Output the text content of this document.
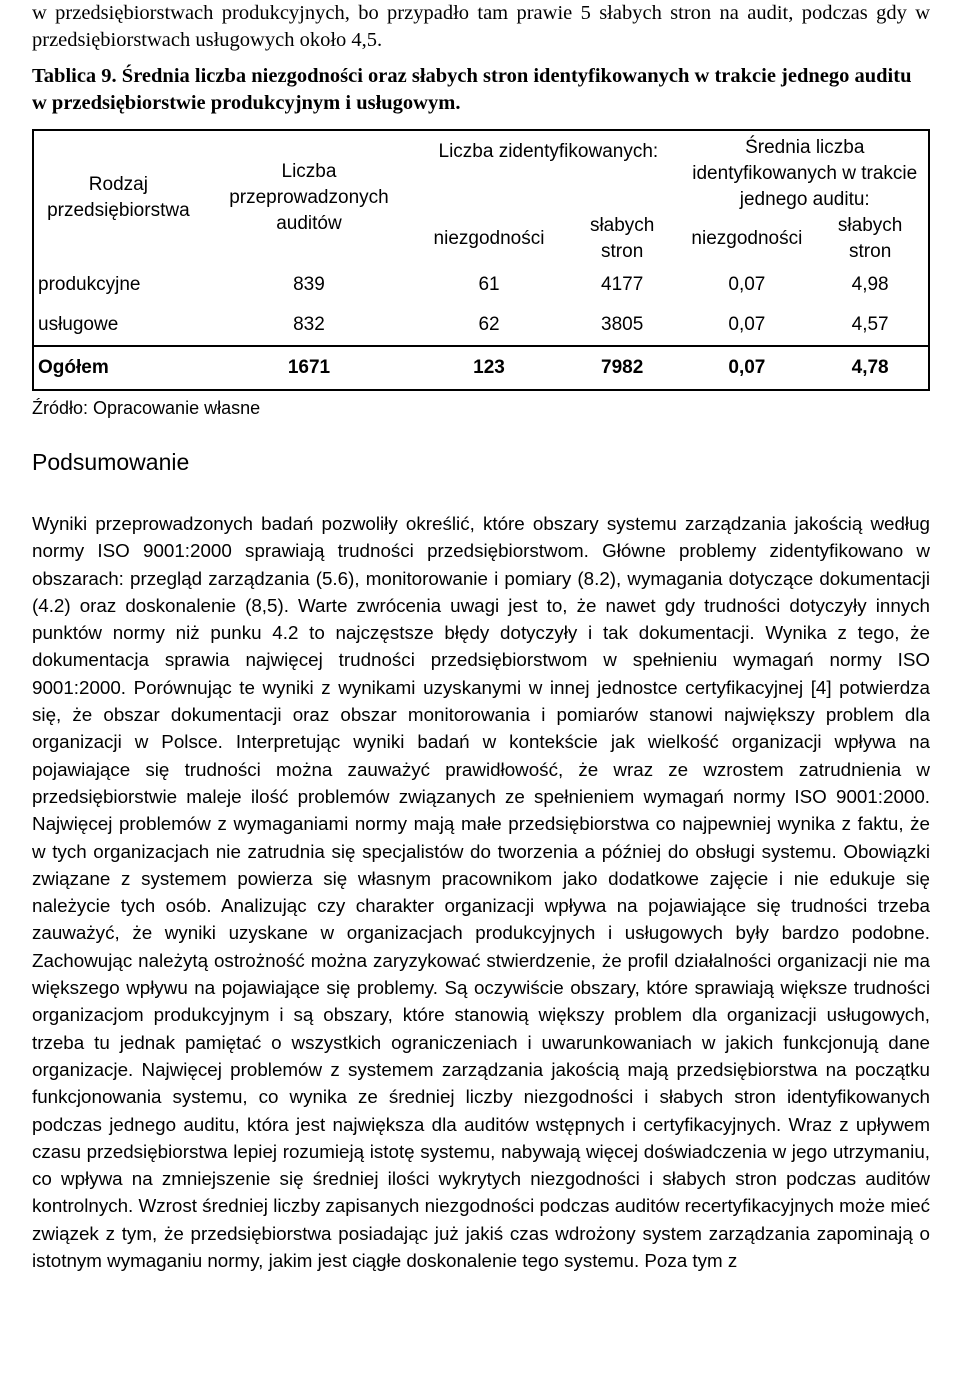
w przedsiębiorstwach produkcyjnych, bo przypadło tam prawie 5 słabych stron na audit, podczas gdy w przedsiębiorstwach usługowych około 4,5.

Tablica 9. Średnia liczba niezgodności oraz słabych stron identyfikowanych w trakcie jednego auditu w przedsiębiorstwie produkcyjnym i usługowym.

Rodzaj przedsiębiorstwa	Liczba przeprowadzonych auditów	Liczba zidentyfikowanych:		Średnia liczba identyfikowanych w trakcie jednego auditu:	
		niezgodności	słabych stron	niezgodności	słabych stron
produkcyjne	839	61	4177	0,07	4,98
usługowe	832	62	3805	0,07	4,57
Ogółem	1671	123	7982	0,07	4,78
Źródło: Opracowanie własne
Podsumowanie

Wyniki przeprowadzonych badań pozwoliły określić, które obszary systemu zarządzania jakością według normy ISO 9001:2000 sprawiają trudności przedsiębiorstwom. Główne problemy zidentyfikowano w obszarach: przegląd zarządzania (5.6), monitorowanie i pomiary (8.2), wymagania dotyczące dokumentacji (4.2) oraz doskonalenie (8,5). Warte zwrócenia uwagi jest to, że nawet gdy trudności dotyczyły innych punktów normy niż punku 4.2 to najczęstsze błędy dotyczyły i tak dokumentacji. Wynika z tego, że dokumentacja sprawia najwięcej trudności przedsiębiorstwom w spełnieniu wymagań normy ISO 9001:2000. Porównując te wyniki z wynikami uzyskanymi w innej jednostce certyfikacyjnej [4] potwierdza się, że obszar dokumentacji oraz obszar monitorowania i pomiarów stanowi największy problem dla organizacji w Polsce. Interpretując wyniki badań w kontekście jak wielkość organizacji wpływa na pojawiające się trudności można zauważyć prawidłowość, że wraz ze wzrostem zatrudnienia w przedsiębiorstwie maleje ilość problemów związanych ze spełnieniem wymagań normy ISO 9001:2000. Najwięcej problemów z wymaganiami normy mają małe przedsiębiorstwa co najpewniej wynika z faktu, że w tych organizacjach nie zatrudnia się specjalistów do tworzenia a później do obsługi systemu. Obowiązki związane z systemem powierza się własnym pracownikom jako dodatkowe zajęcie i nie edukuje się należycie tych osób. Analizując czy charakter organizacji wpływa na pojawiające się trudności trzeba zauważyć, że wyniki uzyskane w organizacjach produkcyjnych i usługowych były bardzo podobne. Zachowując należytą ostrożność można zaryzykować stwierdzenie, że profil działalności organizacji nie ma większego wpływu na pojawiające się problemy. Są oczywiście obszary, które sprawiają większe trudności organizacjom produkcyjnym i są obszary, które stanowią większy problem dla organizacji usługowych, trzeba tu jednak pamiętać o wszystkich ograniczeniach i uwarunkowaniach w jakich funkcjonują dane organizacje. Najwięcej problemów z systemem zarządzania jakością mają przedsiębiorstwa na początku funkcjonowania systemu, co wynika ze średniej liczby niezgodności i słabych stron identyfikowanych podczas jednego auditu, która jest największa dla auditów wstępnych i certyfikacyjnych. Wraz z upływem czasu przedsiębiorstwa lepiej rozumieją istotę systemu, nabywają więcej doświadczenia w jego utrzymaniu, co wpływa na zmniejszenie się średniej ilości wykrytych niezgodności i słabych stron podczas auditów kontrolnych. Wzrost średniej liczby zapisanych niezgodności podczas auditów recertyfikacyjnych może mieć związek z tym, że przedsiębiorstwa posiadając już jakiś czas wdrożony system zarządzania zapominają o istotnym wymaganiu normy, jakim jest ciągłe doskonalenie tego systemu. Poza tym z
